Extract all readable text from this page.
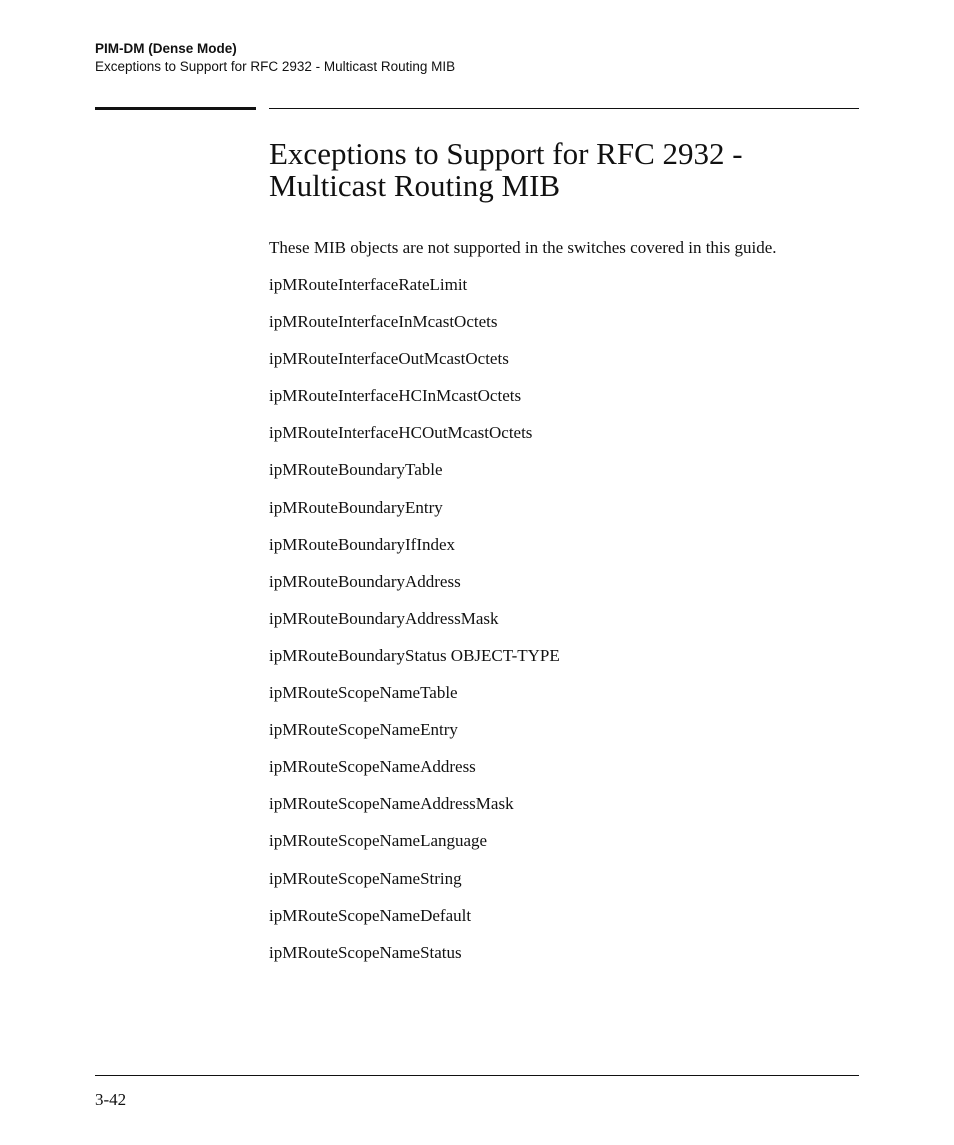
PIM-DM (Dense Mode)
Exceptions to Support for RFC 2932 - Multicast Routing MIB
Exceptions to Support for RFC 2932 -
Multicast Routing MIB

These MIB objects are not supported in the switches covered in this guide.

ipMRouteInterfaceRateLimit
ipMRouteInterfaceInMcastOctets
ipMRouteInterfaceOutMcastOctets
ipMRouteInterfaceHCInMcastOctets
ipMRouteInterfaceHCOutMcastOctets
ipMRouteBoundaryTable
ipMRouteBoundaryEntry
ipMRouteBoundaryIfIndex
ipMRouteBoundaryAddress
ipMRouteBoundaryAddressMask
ipMRouteBoundaryStatus OBJECT-TYPE
ipMRouteScopeNameTable
ipMRouteScopeNameEntry
ipMRouteScopeNameAddress
ipMRouteScopeNameAddressMask
ipMRouteScopeNameLanguage
ipMRouteScopeNameString
ipMRouteScopeNameDefault
ipMRouteScopeNameStatus
3-42
